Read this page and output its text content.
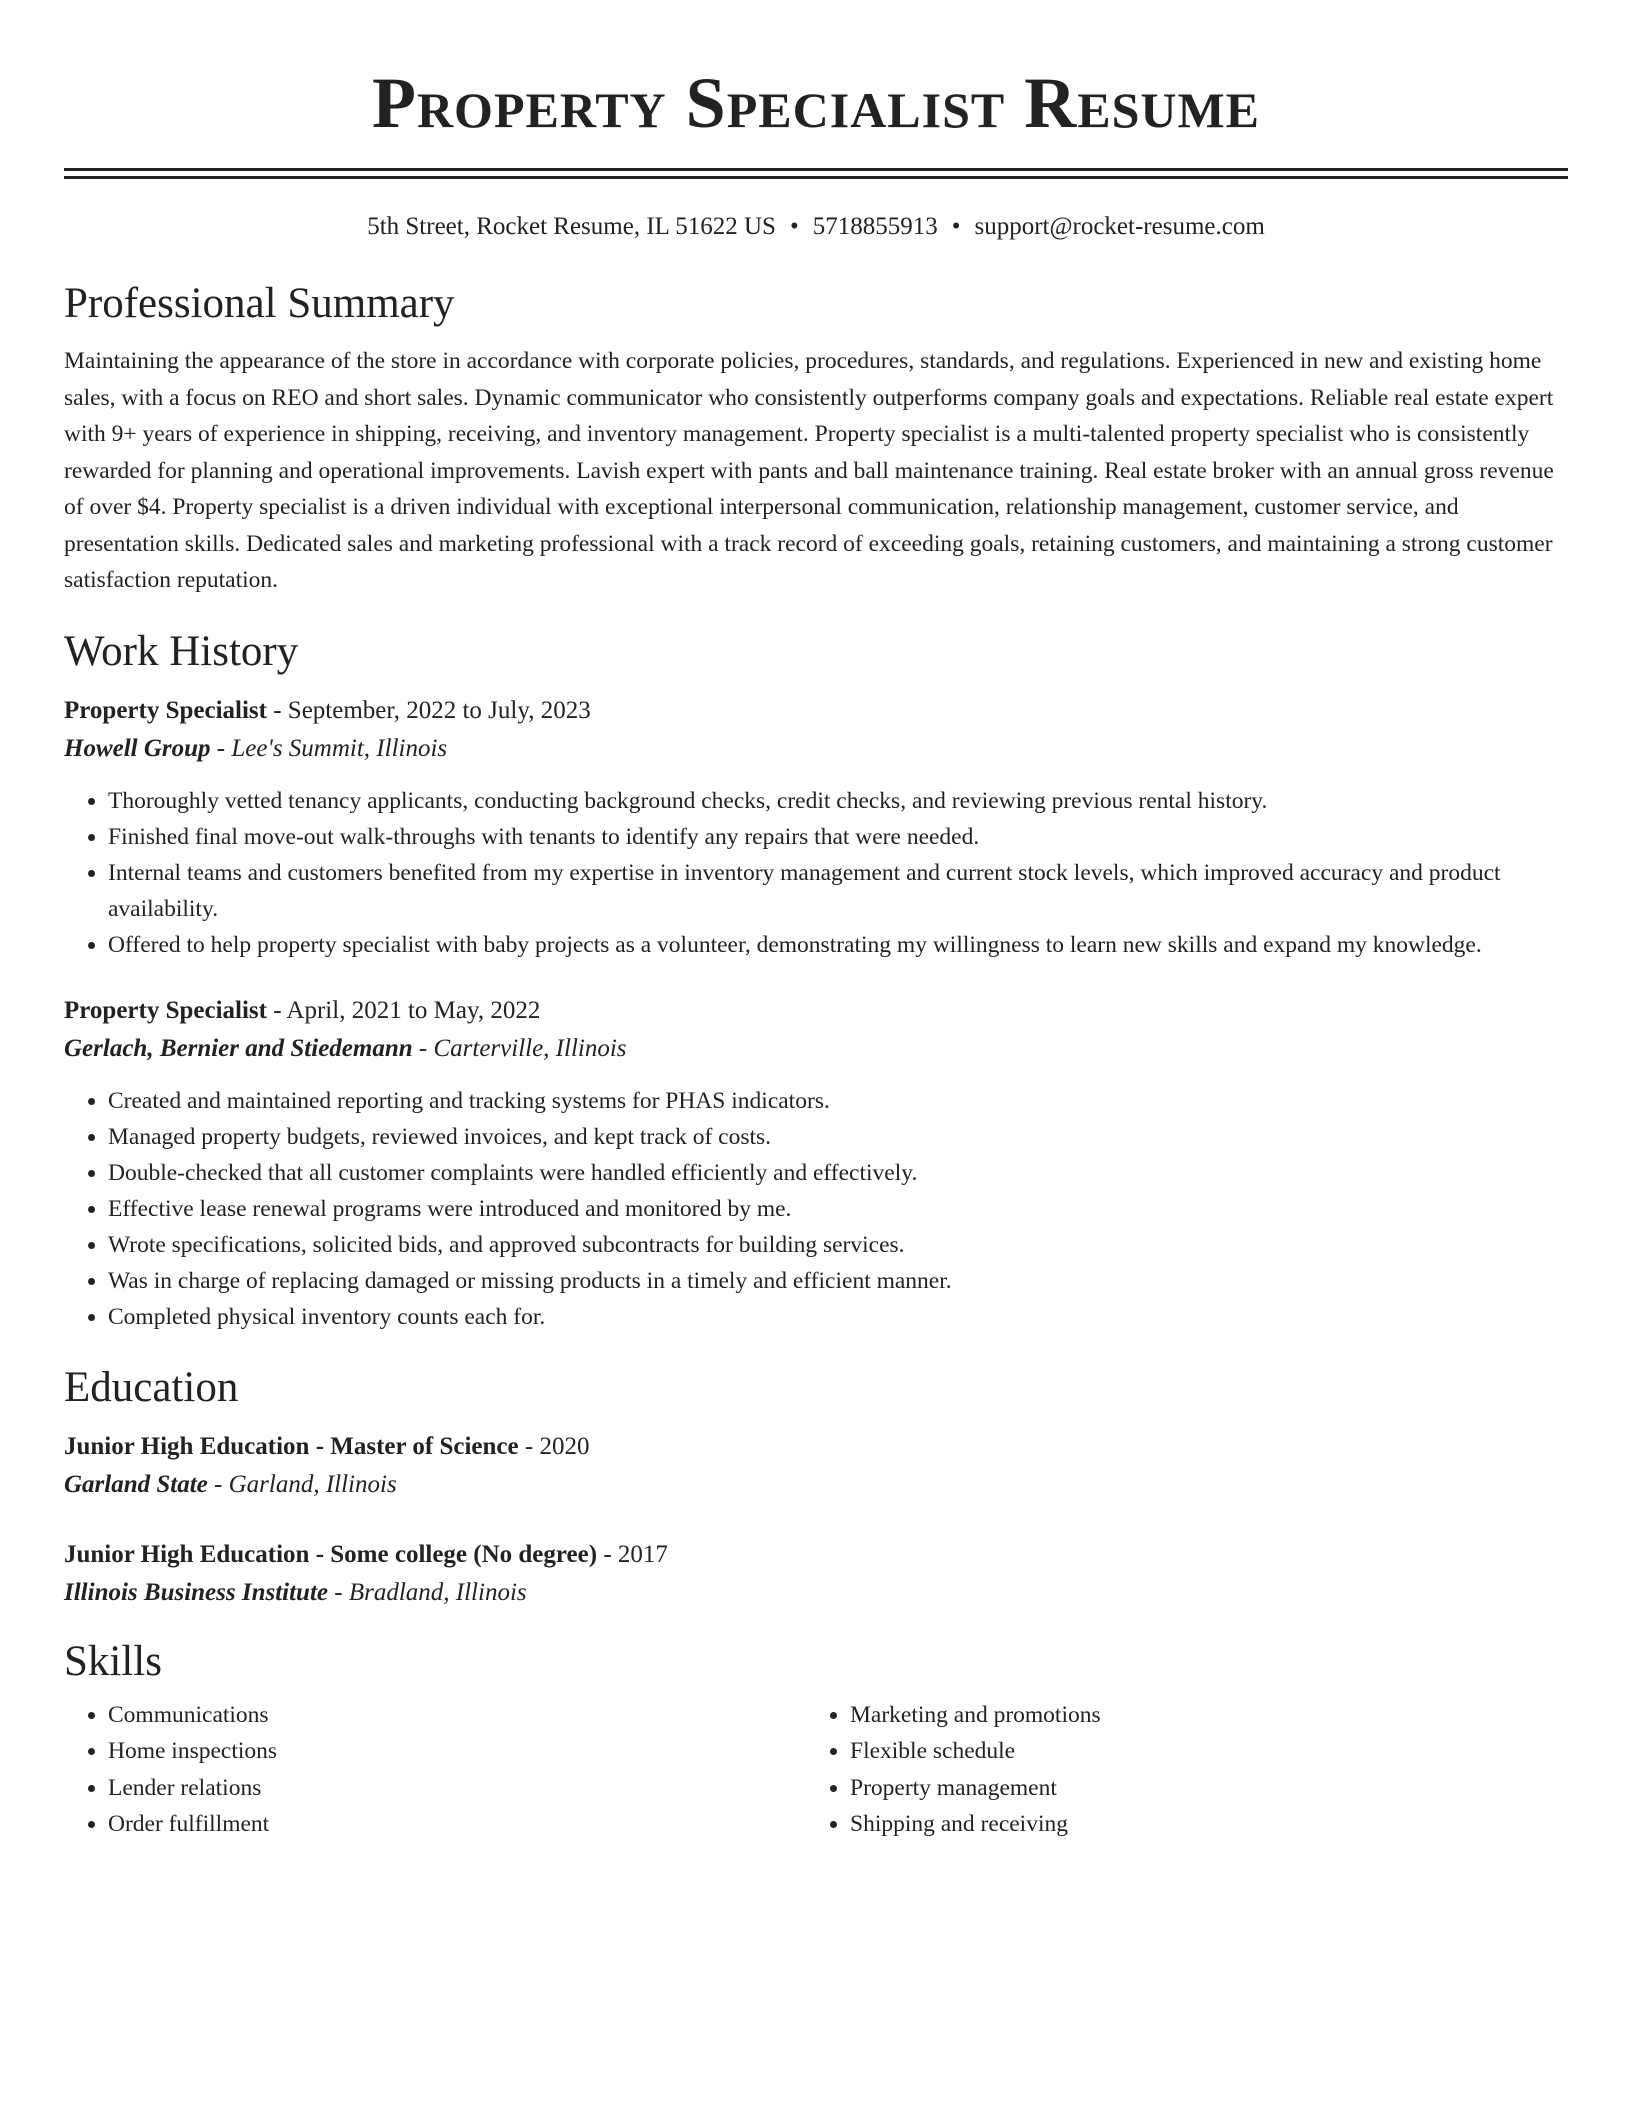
Property Specialist Resume
5th Street, Rocket Resume, IL 51622 US • 5718855913 • support@rocket-resume.com
Professional Summary

Maintaining the appearance of the store in accordance with corporate policies, procedures, standards, and regulations. Experienced in new and existing home sales, with a focus on REO and short sales. Dynamic communicator who consistently outperforms company goals and expectations. Reliable real estate expert with 9+ years of experience in shipping, receiving, and inventory management. Property specialist is a multi-talented property specialist who is consistently rewarded for planning and operational improvements. Lavish expert with pants and ball maintenance training. Real estate broker with an annual gross revenue of over $4. Property specialist is a driven individual with exceptional interpersonal communication, relationship management, customer service, and presentation skills. Dedicated sales and marketing professional with a track record of exceeding goals, retaining customers, and maintaining a strong customer satisfaction reputation.

Work History
Property Specialist - September, 2022 to July, 2023
Howell Group - Lee's Summit, Illinois
• Thoroughly vetted tenancy applicants, conducting background checks, credit checks, and reviewing previous rental history.
• Finished final move-out walk-throughs with tenants to identify any repairs that were needed.
• Internal teams and customers benefited from my expertise in inventory management and current stock levels, which improved accuracy and product availability.
• Offered to help property specialist with baby projects as a volunteer, demonstrating my willingness to learn new skills and expand my knowledge.
Property Specialist - April, 2021 to May, 2022
Gerlach, Bernier and Stiedemann - Carterville, Illinois
• Created and maintained reporting and tracking systems for PHAS indicators.
• Managed property budgets, reviewed invoices, and kept track of costs.
• Double-checked that all customer complaints were handled efficiently and effectively.
• Effective lease renewal programs were introduced and monitored by me.
• Wrote specifications, solicited bids, and approved subcontracts for building services.
• Was in charge of replacing damaged or missing products in a timely and efficient manner.
• Completed physical inventory counts each for.
Education
Junior High Education - Master of Science - 2020
Garland State - Garland, Illinois
Junior High Education - Some college (No degree) - 2017
Illinois Business Institute - Bradland, Illinois
Skills
• Communications
• Home inspections
• Lender relations
• Order fulfillment
• Marketing and promotions
• Flexible schedule
• Property management
• Shipping and receiving
